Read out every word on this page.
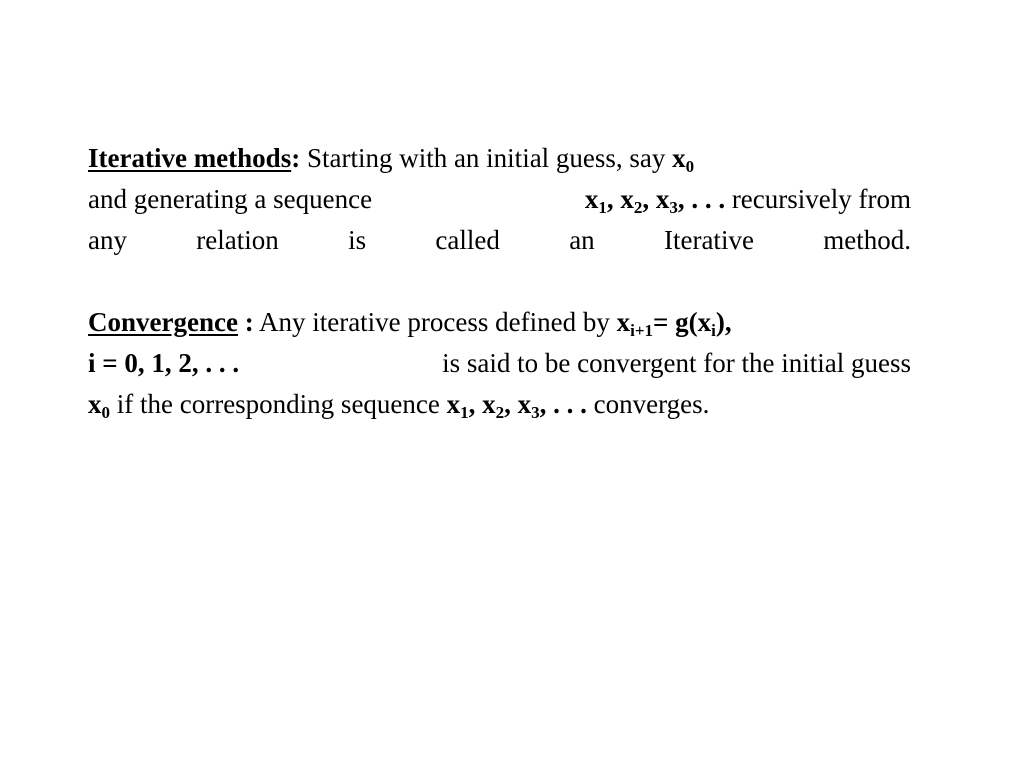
Iterative methods: Starting with an initial guess, say $x_0$
and generating a sequence	$x_1$, $x_2$, $x_3$, . . . recursively from
any	relation	is	called	an	Iterative	method.
Convergence : Any iterative process defined by $x_{i+1}= g(x_i)$,
i = 0, 1, 2, . . .	is said to be convergent for the initial guess
$x_0$ if the corresponding sequence $x_1$, $x_2$, $x_3$, . . . converges.
